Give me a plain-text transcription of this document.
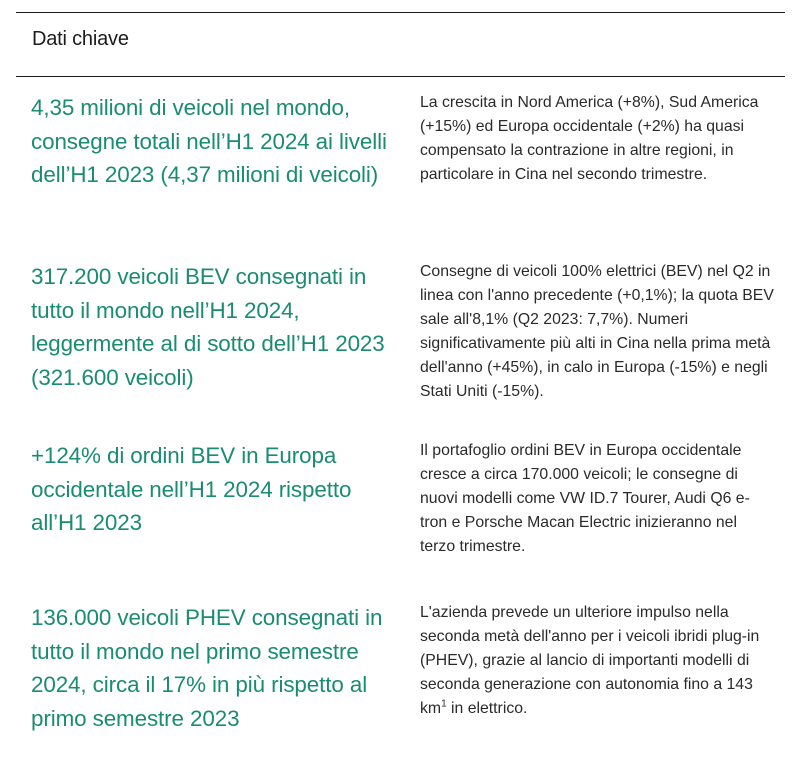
Dati chiave

4,35 milioni di veicoli nel mondo, consegne totali nell’H1 2024 ai livelli dell’H1 2023 (4,37 milioni di veicoli)

La crescita in Nord America (+8%), Sud America (+15%) ed Europa occidentale (+2%) ha quasi compensato la contrazione in altre regioni, in particolare in Cina nel secondo trimestre.

317.200 veicoli BEV consegnati in tutto il mondo nell’H1 2024, leggermente al di sotto dell’H1 2023 (321.600 veicoli)

Consegne di veicoli 100% elettrici (BEV) nel Q2 in linea con l'anno precedente (+0,1%); la quota BEV sale all'8,1% (Q2 2023: 7,7%). Numeri significativamente più alti in Cina nella prima metà dell'anno (+45%), in calo in Europa (-15%) e negli Stati Uniti (-15%).

+124% di ordini BEV in Europa occidentale nell’H1 2024 rispetto all’H1 2023

Il portafoglio ordini BEV in Europa occidentale cresce a circa 170.000 veicoli; le consegne di nuovi modelli come VW ID.7 Tourer, Audi Q6 e-tron e Porsche Macan Electric inizieranno nel terzo trimestre.

136.000 veicoli PHEV consegnati in tutto il mondo nel primo semestre 2024, circa il 17% in più rispetto al primo semestre 2023

L'azienda prevede un ulteriore impulso nella seconda metà dell'anno per i veicoli ibridi plug-in (PHEV), grazie al lancio di importanti modelli di seconda generazione con autonomia fino a 143 $km^1$ in elettrico.
